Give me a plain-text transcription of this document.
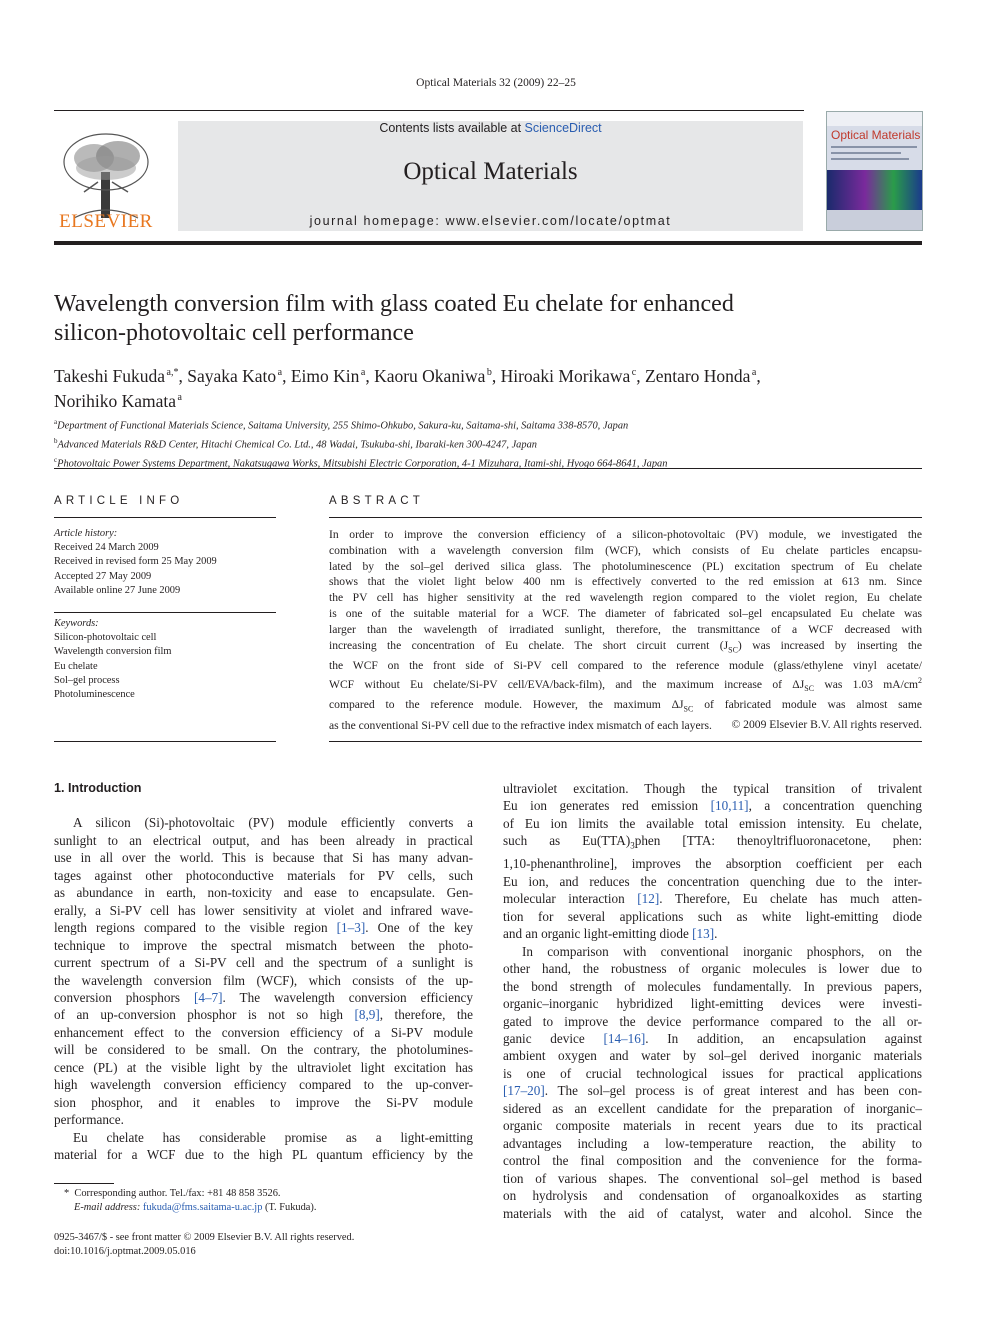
Optical Materials 32 (2009) 22–25
ELSEVIER
Contents lists available at ScienceDirect
Optical Materials
journal homepage: www.elsevier.com/locate/optmat
Optical Materials
Wavelength conversion film with glass coated Eu chelate for enhanced
silicon-photovoltaic cell performance
Takeshi Fukuda $^{a,*}$, Sayaka Kato $^a$, Eimo Kin $^a$, Kaoru Okaniwa $^b$, Hiroaki Morikawa $^c$, Zentaro Honda $^a$,
Norihiko Kamata $^a$
$^a$Department of Functional Materials Science, Saitama University, 255 Shimo-Ohkubo, Sakura-ku, Saitama-shi, Saitama 338-8570, Japan
$^b$Advanced Materials R&D Center, Hitachi Chemical Co. Ltd., 48 Wadai, Tsukuba-shi, Ibaraki-ken 300-4247, Japan
$^c$Photovoltaic Power Systems Department, Nakatsugawa Works, Mitsubishi Electric Corporation, 4-1 Mizuhara, Itami-shi, Hyogo 664-8641, Japan
ARTICLE INFO	ABSTRACT
Article history:
Received 24 March 2009
Received in revised form 25 May 2009
Accepted 27 May 2009
Available online 27 June 2009
Keywords:
Silicon-photovoltaic cell
Wavelength conversion film
Eu chelate
Sol–gel process
Photoluminescence

In order to improve the conversion efficiency of a silicon-photovoltaic (PV) module, we investigated the

combination with a wavelength conversion film (WCF), which consists of Eu chelate particles encapsu-

lated by the sol–gel derived silica glass. The photoluminescence (PL) excitation spectrum of Eu chelate

shows that the violet light below 400 nm is effectively converted to the red emission at 613 nm. Since

the PV cell has higher sensitivity at the red wavelength region compared to the violet region, Eu chelate

is one of the suitable material for a WCF. The diameter of fabricated sol–gel encapsulated Eu chelate was

larger than the wavelength of irradiated sunlight, therefore, the transmittance of a WCF decreased with

increasing the concentration of Eu chelate. The short circuit current $(J_{SC})$ was increased by inserting the

the WCF on the front side of Si-PV cell compared to the reference module (glass/ethylene vinyl acetate/

WCF without Eu chelate/Si-PV cell/EVA/back-film), and the maximum increase of $\Delta J_{SC}$ was 1.03 $mA/cm^2$

compared to the reference module. However, the maximum $\Delta J_{SC}$ of fabricated module was almost same

as the conventional Si-PV cell due to the refractive index mismatch of each layers.	© 2009 Elsevier B.V. All rights reserved.
1. Introduction

A silicon (Si)-photovoltaic (PV) module efficiently converts a

sunlight to an electrical output, and has been already in practical

use in all over the world. This is because that Si has many advan-

tages against other photoconductive materials for PV cells, such

as abundance in earth, non-toxicity and ease to encapsulate. Gen-

erally, a Si-PV cell has lower sensitivity at violet and infrared wave-

length regions compared to the visible region [1–3]. One of the key

technique to improve the spectral mismatch between the photo-

current spectrum of a Si-PV cell and the spectrum of a sunlight is

the wavelength conversion film (WCF), which consists of the up-

conversion phosphors [4–7]. The wavelength conversion efficiency

of an up-conversion phosphor is not so high [8,9], therefore, the

enhancement effect to the conversion efficiency of a Si-PV module

will be considered to be small. On the contrary, the photolumines-

cence (PL) at the visible light by the ultraviolet light excitation has

high wavelength conversion efficiency compared to the up-conver-

sion phosphor, and it enables to improve the Si-PV module

performance.

Eu chelate has considerable promise as a light-emitting

material for a WCF due to the high PL quantum efficiency by the

ultraviolet excitation. Though the typical transition of trivalent

Eu ion generates red emission [10,11], a concentration quenching

of Eu ion limits the available total emission intensity. Eu chelate,

such as $Eu(TTA)_3phen$ [TTA: thenoyltrifluoronacetone, phen:

1,10-phenanthroline], improves the absorption coefficient per each

Eu ion, and reduces the concentration quenching due to the inter-

molecular interaction [12]. Therefore, Eu chelate has much atten-

tion for several applications such as white light-emitting diode

and an organic light-emitting diode [13].

In comparison with conventional inorganic phosphors, on the

other hand, the robustness of organic molecules is lower due to

the bond strength of molecules fundamentally. In previous papers,

organic–inorganic hybridized light-emitting devices were investi-

gated to improve the device performance compared to the all or-

ganic device [14–16]. In addition, an encapsulation against

ambient oxygen and water by sol–gel derived inorganic materials

is one of crucial technological issues for practical applications

[17–20]. The sol–gel process is of great interest and has been con-

sidered as an excellent candidate for the preparation of inorganic–

organic composite materials in recent years due to its practical

advantages including a low-temperature reaction, the ability to

control the final composition and the convenience for the forma-

tion of various shapes. The conventional sol–gel method is based

on hydrolysis and condensation of organoalkoxides as starting

materials with the aid of catalyst, water and alcohol. Since the

* Corresponding author. Tel./fax: +81 48 858 3526.
E-mail address: fukuda@fms.saitama-u.ac.jp (T. Fukuda).
0925-3467/$ - see front matter © 2009 Elsevier B.V. All rights reserved.
doi:10.1016/j.optmat.2009.05.016
